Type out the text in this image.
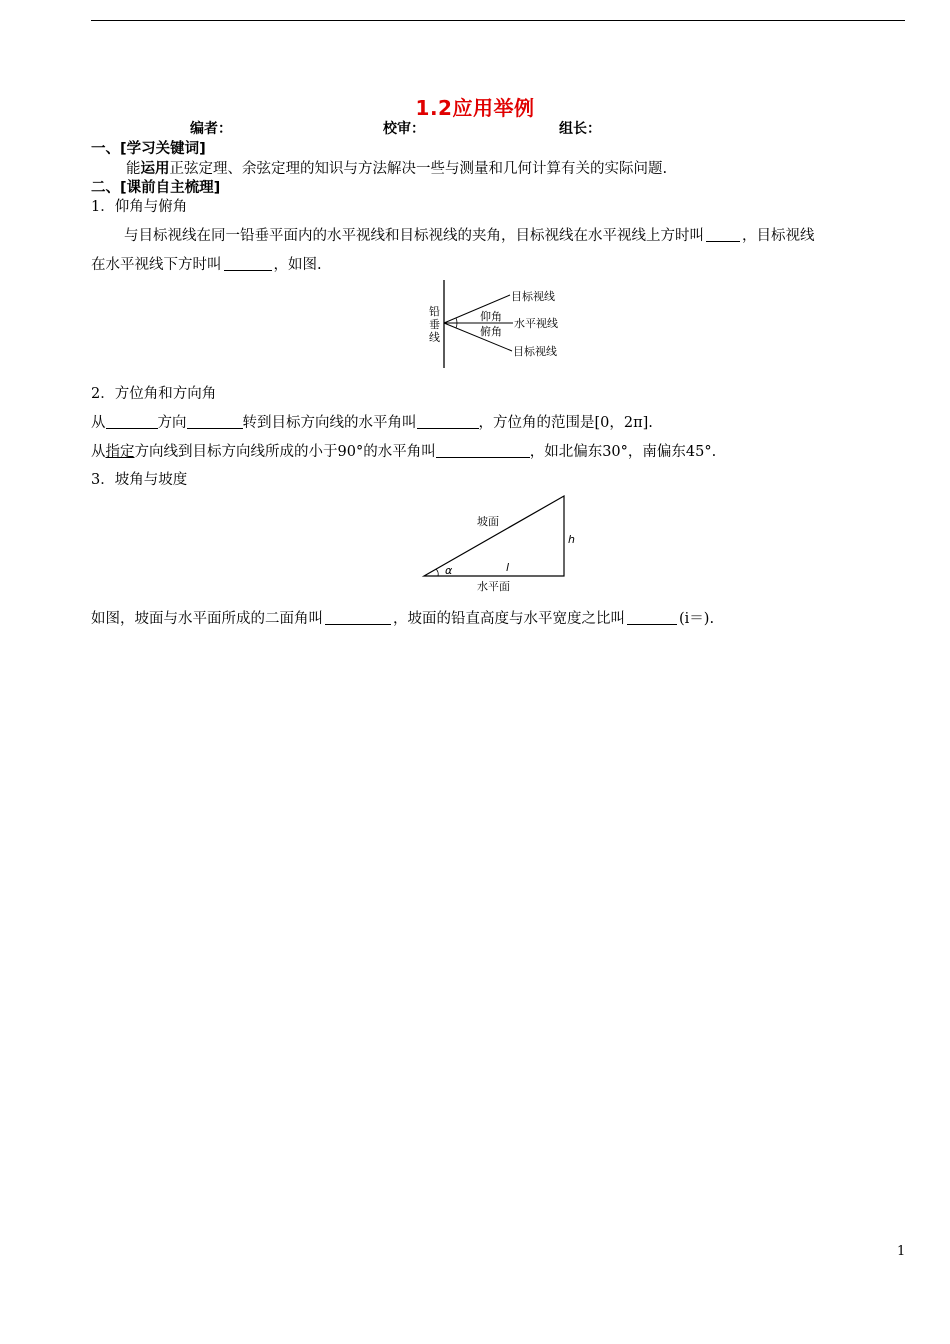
1.2应用举例
编者：	校审：	组长：
一、[学习关键词]
能运用正弦定理、余弦定理的知识与方法解决一些与测量和几何计算有关的实际问题.
二、[课前自主梳理]
1．仰角与俯角
与目标视线在同一铅垂平面内的水平视线和目标视线的夹角，目标视线在水平视线上方时叫	，目标视线
在水平视线下方时叫	，如图.
铅
垂
线
目标视线
水平视线
目标视线
仰角
俯角
2．方位角和方向角
从	方向	转到目标方向线的水平角叫	，方位角的范围是[0，2π].
从指定方向线到目标方向线所成的小于90°的水平角叫	，如北偏东30°，南偏东45°.
3．坡角与坡度
坡面
h
α	l
水平面
如图，坡面与水平面所成的二面角叫	，坡面的铅直高度与水平宽度之比叫	(i＝).
1
